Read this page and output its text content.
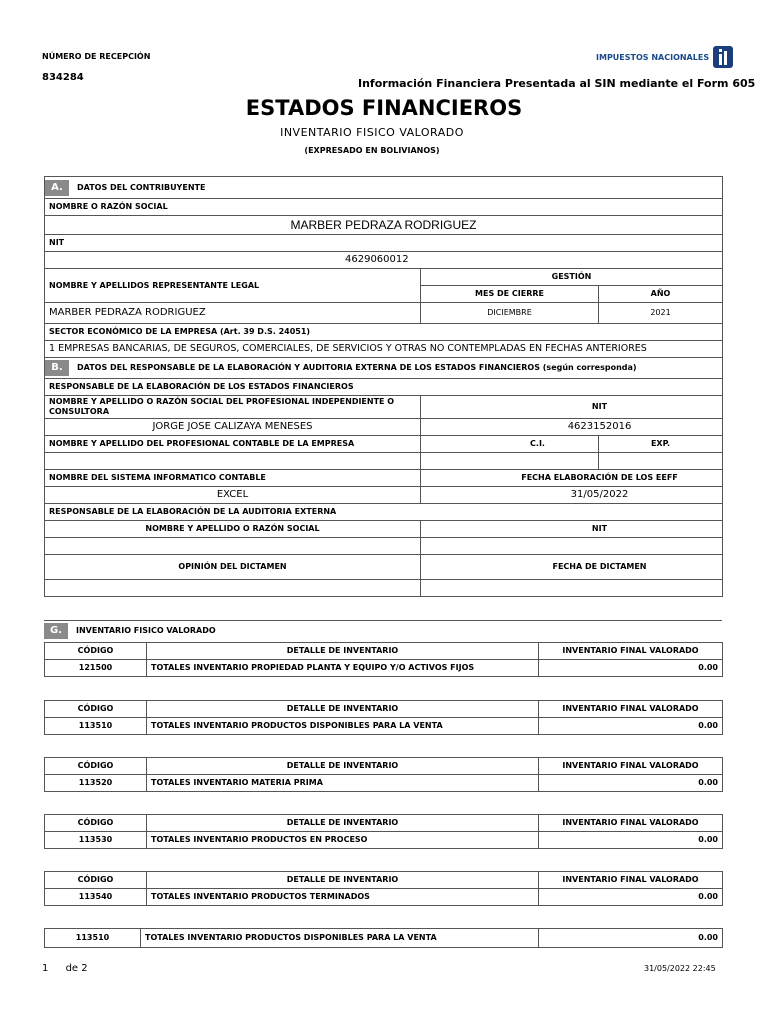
NÚMERO DE RECEPCIÓN
834284
IMPUESTOS NACIONALES
Información Financiera Presentada al SIN mediante el Form 605
ESTADOS FINANCIEROS
INVENTARIO FISICO VALORADO
(EXPRESADO EN BOLIVIANOS)
A. DATOS DEL CONTRIBUYENTE		
NOMBRE O RAZÓN SOCIAL		
MARBER PEDRAZA RODRIGUEZ		
NIT		
4629060012		
NOMBRE Y APELLIDOS REPRESENTANTE LEGAL	GESTIÓN	
	MES DE CIERRE	AÑO
MARBER PEDRAZA RODRIGUEZ	DICIEMBRE	2021
SECTOR ECONÓMICO DE LA EMPRESA (Art. 39 D.S. 24051)		
1 EMPRESAS BANCARIAS, DE SEGUROS, COMERCIALES, DE SERVICIOS Y OTRAS NO CONTEMPLADAS EN FECHAS ANTERIORES		
B. DATOS DEL RESPONSABLE DE LA ELABORACIÓN Y AUDITORIA EXTERNA DE LOS ESTADOS FINANCIEROS (según corresponda)		
RESPONSABLE DE LA ELABORACIÓN DE LOS ESTADOS FINANCIEROS		
NOMBRE Y APELLIDO O RAZÓN SOCIAL DEL PROFESIONAL INDEPENDIENTE O CONSULTORA	NIT	
JORGE JOSE CALIZAYA MENESES	4623152016	
NOMBRE Y APELLIDO DEL PROFESIONAL CONTABLE DE LA EMPRESA	C.I.	EXP.

NOMBRE DEL SISTEMA INFORMATICO CONTABLE	FECHA ELABORACIÓN DE LOS EEFF	
EXCEL	31/05/2022	
RESPONSABLE DE LA ELABORACIÓN DE LA AUDITORIA EXTERNA		
NOMBRE Y APELLIDO O RAZÓN SOCIAL	NIT	

OPINIÓN DEL DICTAMEN	FECHA DE DICTAMEN	

G. INVENTARIO FISICO VALORADO
CÓDIGO	DETALLE DE INVENTARIO	INVENTARIO FINAL VALORADO
121500	TOTALES INVENTARIO PROPIEDAD PLANTA Y EQUIPO Y/O ACTIVOS FIJOS	0.00
CÓDIGO	DETALLE DE INVENTARIO	INVENTARIO FINAL VALORADO
113510	TOTALES INVENTARIO PRODUCTOS DISPONIBLES PARA LA VENTA	0.00
CÓDIGO	DETALLE DE INVENTARIO	INVENTARIO FINAL VALORADO
113520	TOTALES INVENTARIO MATERIA PRIMA	0.00
CÓDIGO	DETALLE DE INVENTARIO	INVENTARIO FINAL VALORADO
113530	TOTALES INVENTARIO PRODUCTOS EN PROCESO	0.00
CÓDIGO	DETALLE DE INVENTARIO	INVENTARIO FINAL VALORADO
113540	TOTALES INVENTARIO PRODUCTOS TERMINADOS	0.00
113510	TOTALES INVENTARIO PRODUCTOS DISPONIBLES PARA LA VENTA	0.00
1 de 2	31/05/2022 22:45
